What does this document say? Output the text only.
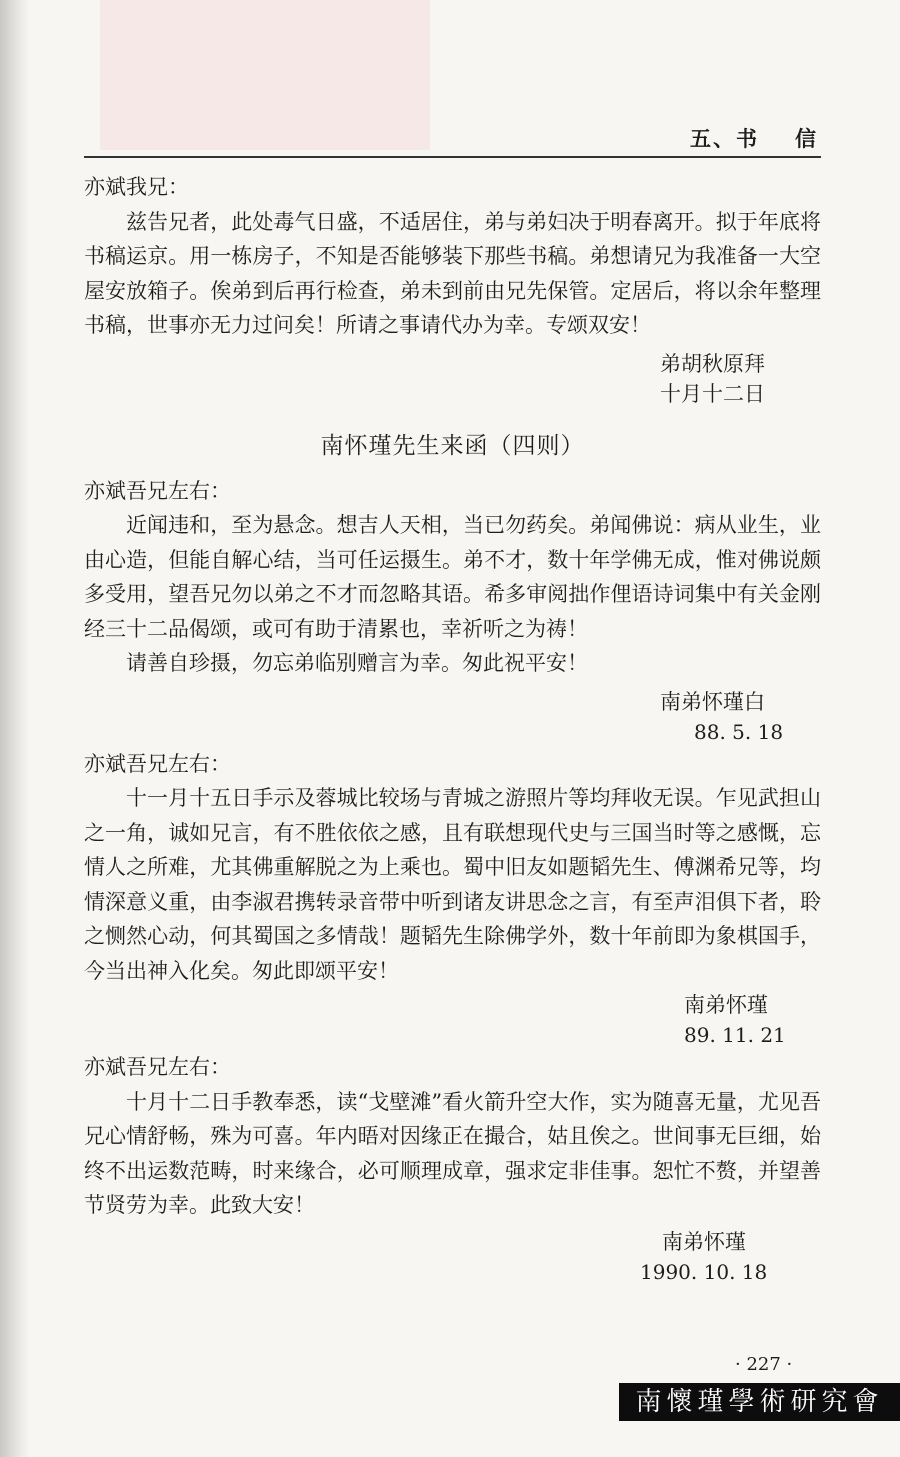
五、书 信

亦斌我兄：

兹告兄者，此处毒气日盛，不适居住，弟与弟妇决于明春离开。拟于年底将书稿运京。用一栋房子，不知是否能够装下那些书稿。弟想请兄为我准备一大空屋安放箱子。俟弟到后再行检查，弟未到前由兄先保管。定居后，将以余年整理书稿，世事亦无力过问矣！所请之事请代办为幸。专颂双安！

弟胡秋原拜

十月十二日

南怀瑾先生来函（四则）

亦斌吾兄左右：

近闻违和，至为悬念。想吉人天相，当已勿药矣。弟闻佛说：病从业生，业由心造，但能自解心结，当可任运摄生。弟不才，数十年学佛无成，惟对佛说颇多受用，望吾兄勿以弟之不才而忽略其语。希多审阅拙作俚语诗词集中有关金刚经三十二品偈颂，或可有助于清累也，幸祈听之为祷！

请善自珍摄，勿忘弟临别赠言为幸。匆此祝平安！

南弟怀瑾白

88. 5. 18

亦斌吾兄左右：

十一月十五日手示及蓉城比较场与青城之游照片等均拜收无误。乍见武担山之一角，诚如兄言，有不胜依依之感，且有联想现代史与三国当时等之感慨，忘情人之所难，尤其佛重解脱之为上乘也。蜀中旧友如题韬先生、傅渊希兄等，均情深意义重，由李淑君携转录音带中听到诸友讲思念之言，有至声泪俱下者，聆之恻然心动，何其蜀国之多情哉！题韬先生除佛学外，数十年前即为象棋国手，今当出神入化矣。匆此即颂平安！

南弟怀瑾

89. 11. 21

亦斌吾兄左右：

十月十二日手教奉悉，读“戈壁滩”看火箭升空大作，实为随喜无量，尤见吾兄心情舒畅，殊为可喜。年内晤对因缘正在撮合，姑且俟之。世间事无巨细，始终不出运数范畴，时来缘合，必可顺理成章，强求定非佳事。恕忙不赘，并望善节贤劳为幸。此致大安！

南弟怀瑾

1990. 10. 18

· 227 ·
南懷瑾學術研究會
